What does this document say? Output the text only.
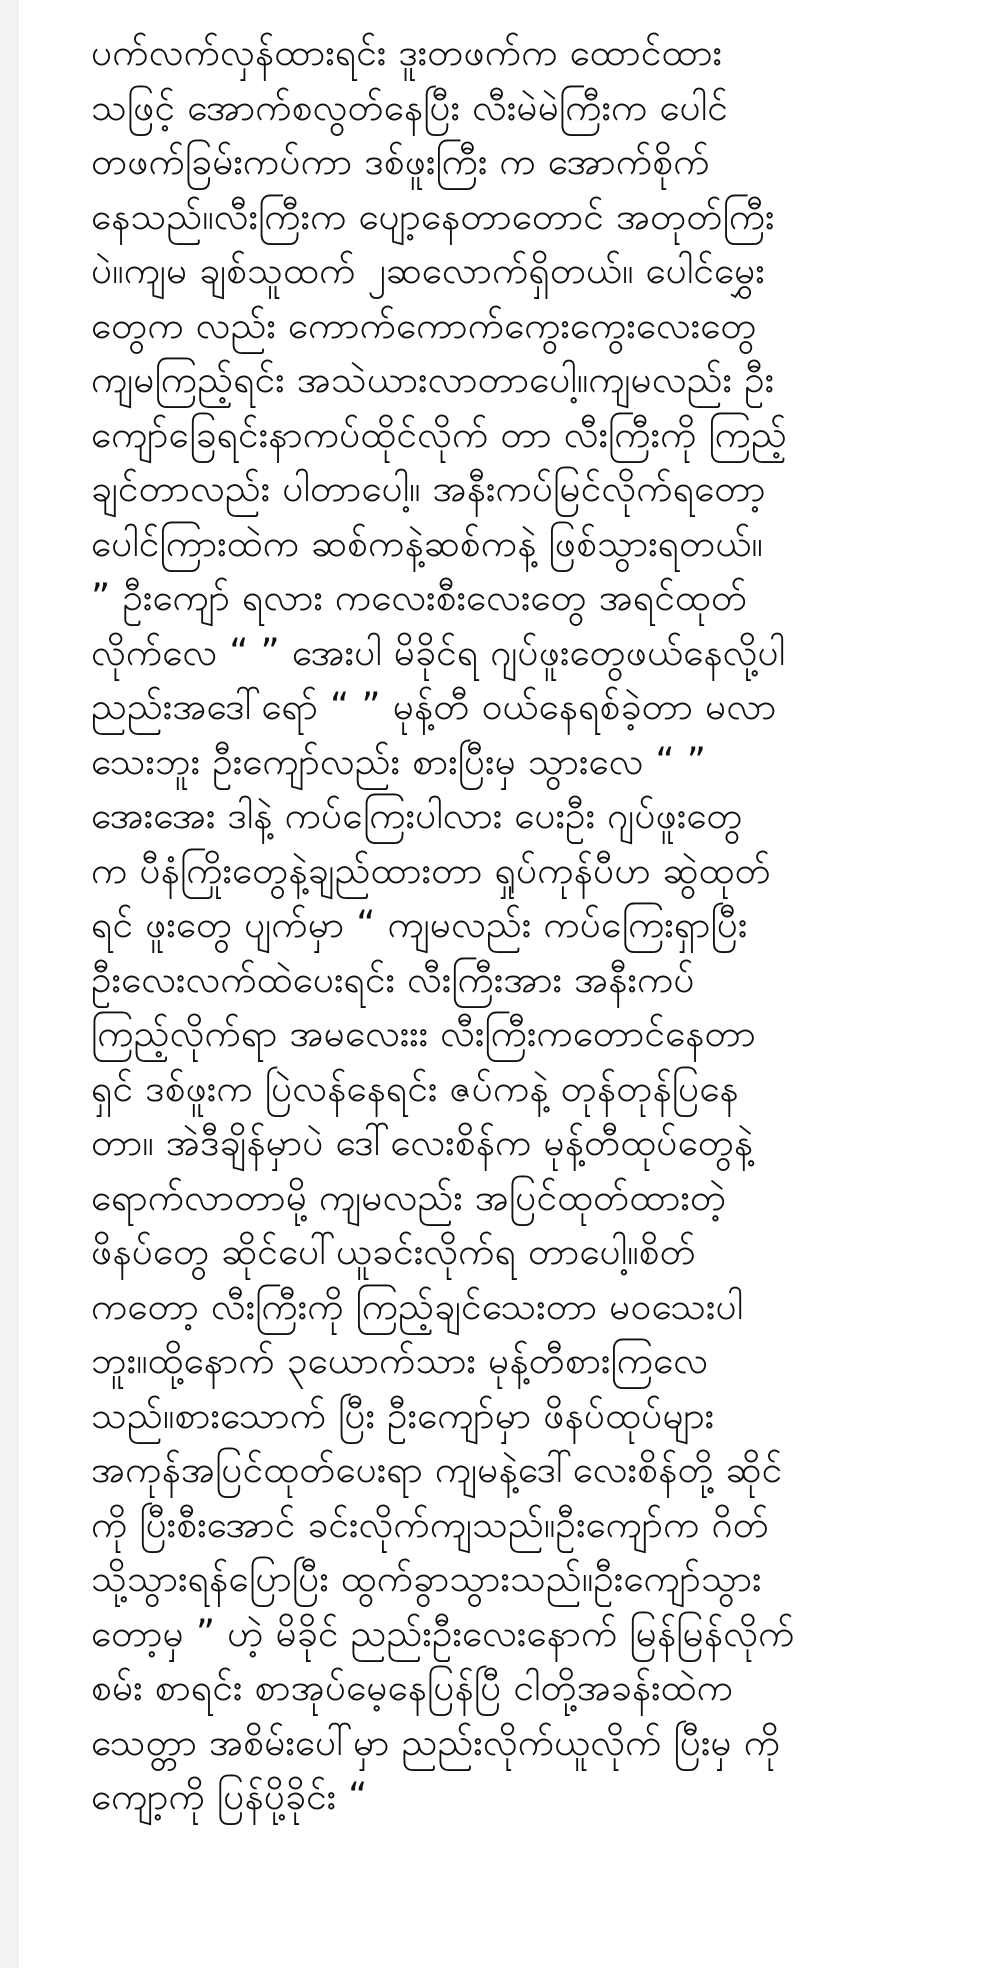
ပက်လက်လှန်ထားရင်း ဒူးတဖက်က ထောင်ထား
သဖြင့် အောက်စလွတ်နေပြီး လီးမဲမဲကြီးက ပေါင်
တဖက်ခြမ်းကပ်ကာ ဒစ်ဖူးကြီး က အောက်စိုက်
နေသည်။လီးကြီးက ပျော့နေတာတောင် အတုတ်ကြီး
ပဲ။ကျမ ချစ်သူထက် ၂ဆလောက်ရှိတယ်။ ပေါင်မွှေး
တွေက လည်း ကောက်ကောက်ကွေးကွေးလေးတွေ
ကျမကြည့်ရင်း အသဲယားလာတာပေါ့။ကျမလည်း ဦး
ကျော်ခြေရင်းနာကပ်ထိုင်လိုက် တာ လီးကြီးကို ကြည့်
ချင်တာလည်း ပါတာပေါ့။ အနီးကပ်မြင်လိုက်ရတော့
ပေါင်ကြားထဲက ဆစ်ကနဲ့ဆစ်ကနဲ့ ဖြစ်သွားရတယ်။
” ဦးကျော် ရလား ကလေးစီးလေးတွေ အရင်ထုတ်
လိုက်လေ “ ” အေးပါ မိခိုင်ရ ဂျပ်ဖူးတွေဖယ်နေလို့ပါ
ညည်းအဒေါ်ရော် “ ” မုန့်တီ ဝယ်နေရစ်ခဲ့တာ မလာ
သေးဘူး ဦးကျော်လည်း စားပြီးမှ သွားလေ “ ”
အေးအေး ဒါနဲ့ ကပ်ကြေးပါလား ပေးဦး ဂျပ်ဖူးတွေ
က ပီနံကြိုးတွေနဲ့ချည်ထားတာ ရှုပ်ကုန်ပီဟ ဆွဲထုတ်
ရင် ဖူးတွေ ပျက်မှာ “ ကျမလည်း ကပ်ကြေးရှာပြီး
ဦးလေးလက်ထဲပေးရင်း လီးကြီးအား အနီးကပ်
ကြည့်လိုက်ရာ အမလေးးး လီးကြီးကတောင်နေတာ
ရှင် ဒစ်ဖူးက ပြဲလန်နေရင်း ဇပ်ကနဲ့ တုန်တုန်ပြနေ
တာ။ အဲဒီချိန်မှာပဲ ဒေါ်လေးစိန်က မုန့်တီထုပ်တွေနဲ့
ရောက်လာတာမို့ ကျမလည်း အပြင်ထုတ်ထားတဲ့
ဖိနပ်တွေ ဆိုင်ပေါ်ယူခင်းလိုက်ရ တာပေါ့။စိတ်
ကတော့ လီးကြီးကို ကြည့်ချင်သေးတာ မဝသေးပါ
ဘူး။ထို့နောက် ၃ယောက်သား မုန့်တီစားကြလေ
သည်။စားသောက် ပြီး ဦးကျော်မှာ ဖိနပ်ထုပ်များ
အကုန်အပြင်ထုတ်ပေးရာ ကျမနဲ့ဒေါ်လေးစိန်တို့ ဆိုင်
ကို ပြီးစီးအောင် ခင်းလိုက်ကျသည်။ဦးကျော်က ဂိတ်
သို့သွားရန်ပြောပြီး ထွက်ခွာသွားသည်။ဦးကျော်သွား
တော့မှ ” ဟဲ့ မိခိုင် ညည်းဦးလေးနောက် မြန်မြန်လိုက်
စမ်း စာရင်း စာအုပ်မေ့နေပြန်ပြီ ငါတို့အခန်းထဲက
သေတ္တာ အစိမ်းပေါ်မှာ ညည်းလိုက်ယူလိုက် ပြီးမှ ကို
ကျော့ကို ပြန်ပို့ခိုင်း “
